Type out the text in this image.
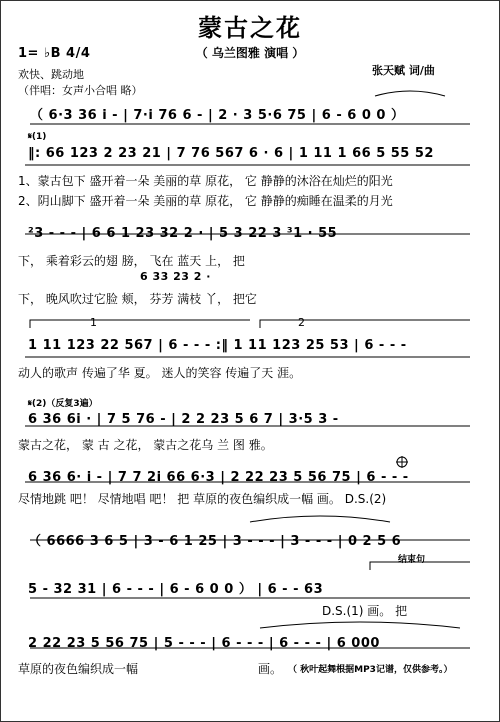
蒙古之花
（ 乌兰图雅 演唱 ）
1= ♭B 4/4
欢快、跳动地	张天赋 词/曲
（伴唱：女声小合唱 略）
（ 6·3 36 i - | 7·i 76 6 - | 2 · 3 5·6 75 | 6 - 6 0 0 ）
𝄋(1)
‖: 66 123 2 23 21 | 7 76 567 6 · 6 | 1 11 1 66 5 55 52
1、蒙古包下 盛开着一朵 美丽的草 原花， 它 静静的沐浴在灿烂的阳光
2、阴山脚下 盛开着一朵 美丽的草 原花， 它 静静的痴睡在温柔的月光
²3 - - - | 6 6 1 23 32 2 · | 5 3 22 3 ³1 · 55
下， 乘着彩云的翅 膀， 飞在 蓝天 上， 把
6 33 23 2 ·
下， 晚风吹过它脸 颊， 芬芳 满枝 丫， 把它
1	2
1 11 123 22 567 | 6 - - - :‖ 1 11 123 25 53 | 6 - - -
动人的歌声 传遍了华 夏。 迷人的笑容 传遍了天 涯。
𝄋(2)（反复3遍）
6 36 6i · | 7 5 76 - | 2 2 23 5 6 7 | 3·5 3 -
蒙古之花， 蒙 古 之花， 蒙古之花乌 兰 图 雅。
6 36 6· i - | 7 7 2i 66 6·3 | 2 22 23 5 56 75 | 6 - - -
尽情地跳 吧！ 尽情地唱 吧！ 把 草原的夜色编织成一幅 画。 D.S.(2)
（ 6666 3 6 5 | 3 - 6 1 25 | 3 - - - | 3 - - - | 0 2 5 6
结束句
5 - 32 31 | 6 - - - | 6 - 6 0 0 ） | 6 - - 63
D.S.(1) 画。 把
2 22 23 5 56 75 | 5 - - - | 6 - - - | 6 - - - | 6 000
草原的夜色编织成一幅	画。 （ 秋叶起舞根据MP3记谱，仅供参考。）
